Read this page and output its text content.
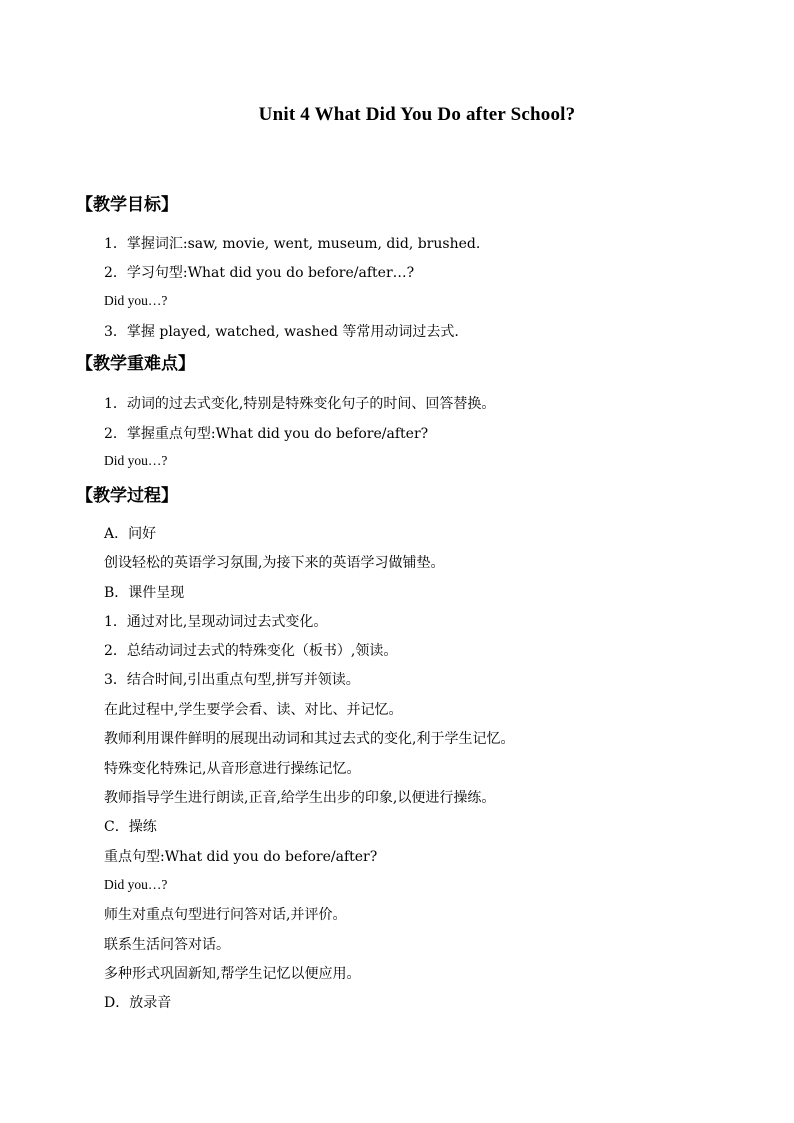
Unit 4 What Did You Do after School?
【教学目标】
1．掌握词汇:saw, movie, went, museum, did, brushed.
2．学习句型:What did you do before/after…?
Did you…?
3．掌握 played, watched, washed 等常用动词过去式.
【教学重难点】
1．动词的过去式变化,特别是特殊变化句子的时间、回答替换。
2．掌握重点句型:What did you do before/after?
Did you…?
【教学过程】
A．问好
创设轻松的英语学习氛围,为接下来的英语学习做铺垫。
B．课件呈现
1．通过对比,呈现动词过去式变化。
2．总结动词过去式的特殊变化（板书）,领读。
3．结合时间,引出重点句型,拼写并领读。
在此过程中,学生要学会看、读、对比、并记忆。
教师利用课件鲜明的展现出动词和其过去式的变化,利于学生记忆。
特殊变化特殊记,从音形意进行操练记忆。
教师指导学生进行朗读,正音,给学生出步的印象,以便进行操练。
C．操练
重点句型:What did you do before/after?
Did you…?
师生对重点句型进行问答对话,并评价。
联系生活问答对话。
多种形式巩固新知,帮学生记忆以便应用。
D．放录音
